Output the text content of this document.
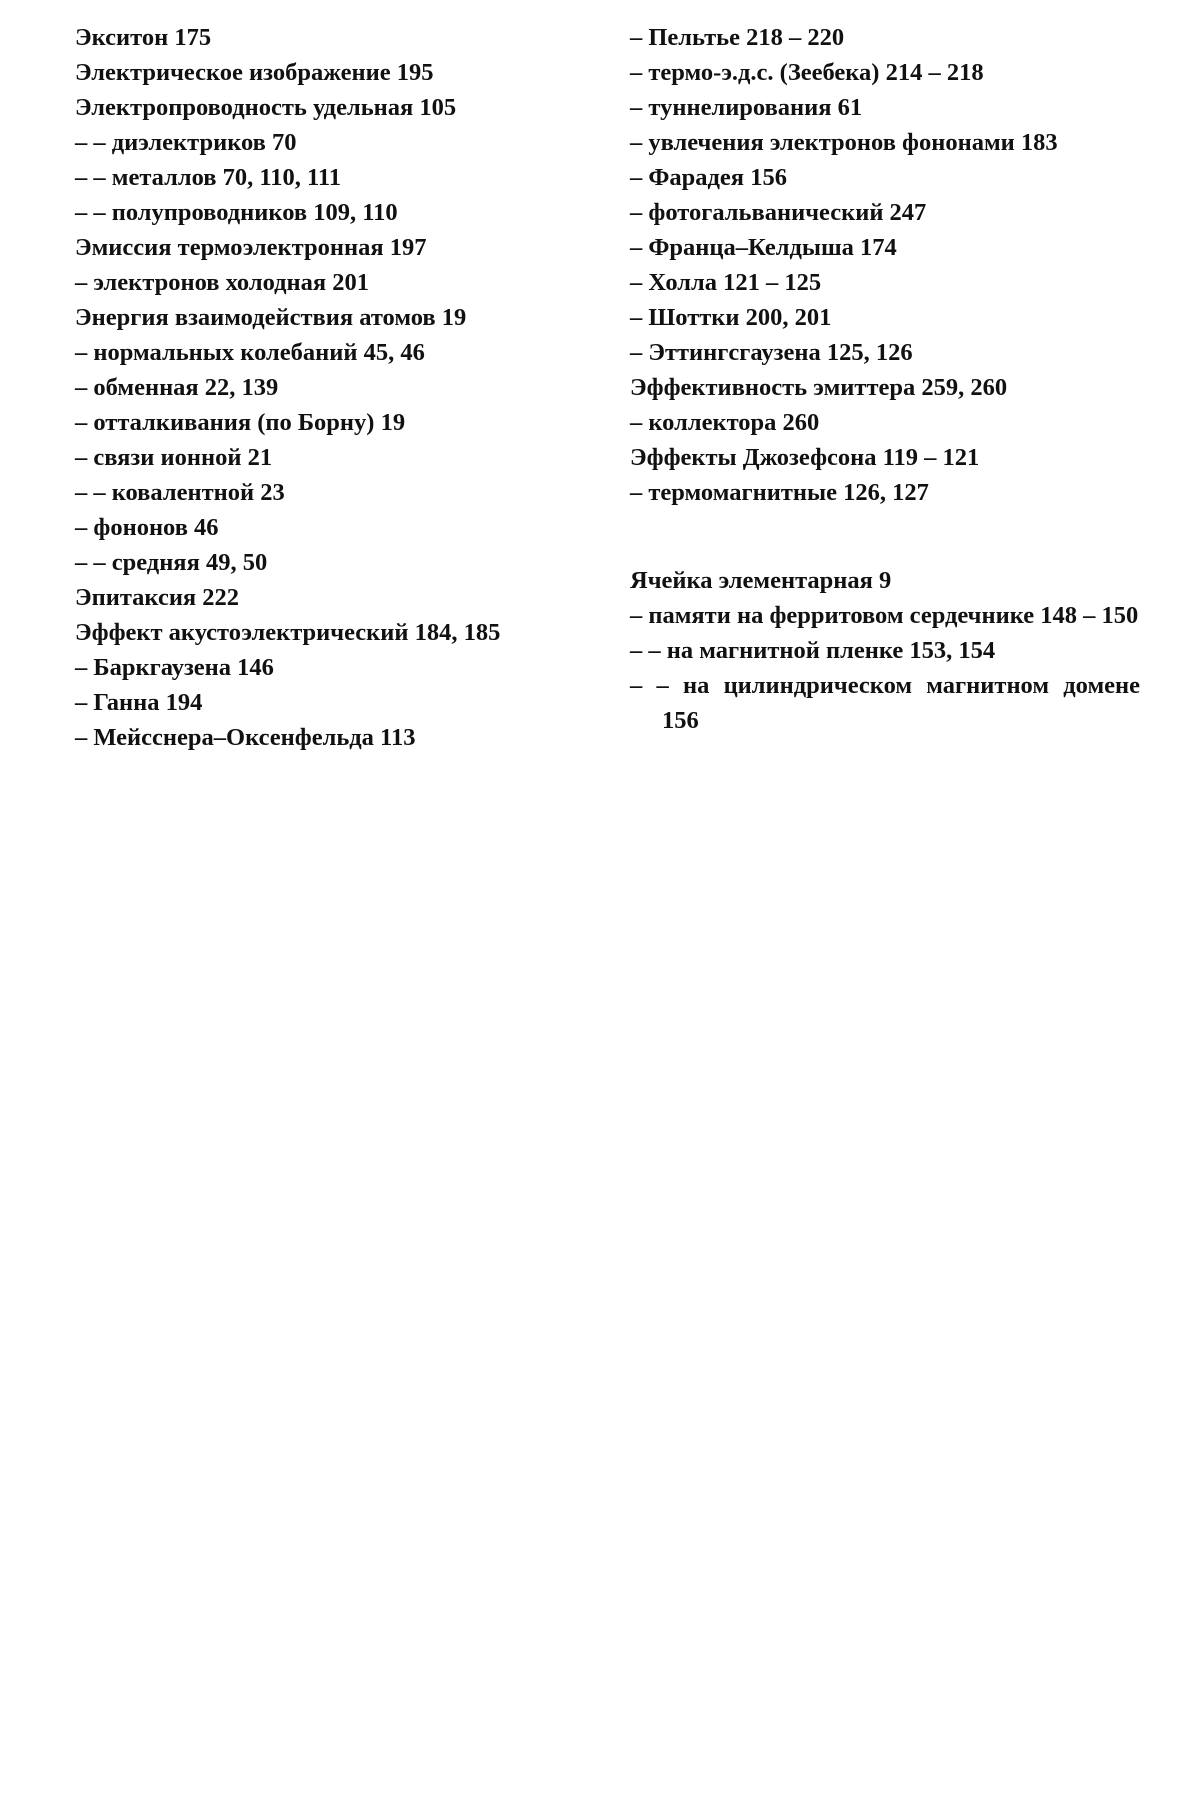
Экситон 175
Электрическое изображение 195
Электропроводность удельная 105
– – диэлектриков 70
– – металлов 70, 110, 111
– – полупроводников 109, 110
Эмиссия термоэлектронная 197
– электронов холодная 201
Энергия взаимодействия атомов 19
– нормальных колебаний 45, 46
– обменная 22, 139
– отталкивания (по Борну) 19
– связи ионной 21
– – ковалентной 23
– фононов 46
– – средняя 49, 50
Эпитаксия 222
Эффект акустоэлектрический 184, 185
– Баркгаузена 146
– Ганна 194
– Мейсснера–Оксенфельда 113
– Пельтье 218 – 220
– термо-э.д.с. (Зеебека) 214 – 218
– туннелирования 61
– увлечения электронов фононами 183
– Фарадея 156
– фотогальванический 247
– Франца–Келдыша 174
– Холла 121 – 125
– Шоттки 200, 201
– Эттингсгаузена 125, 126
Эффективность эмиттера 259, 260
– коллектора 260
Эффекты Джозефсона 119 – 121
– термомагнитные 126, 127
Ячейка элементарная 9
– памяти на ферритовом сердечнике 148 – 150
– – на магнитной пленке 153, 154
– – на цилиндрическом магнитном домене 156
